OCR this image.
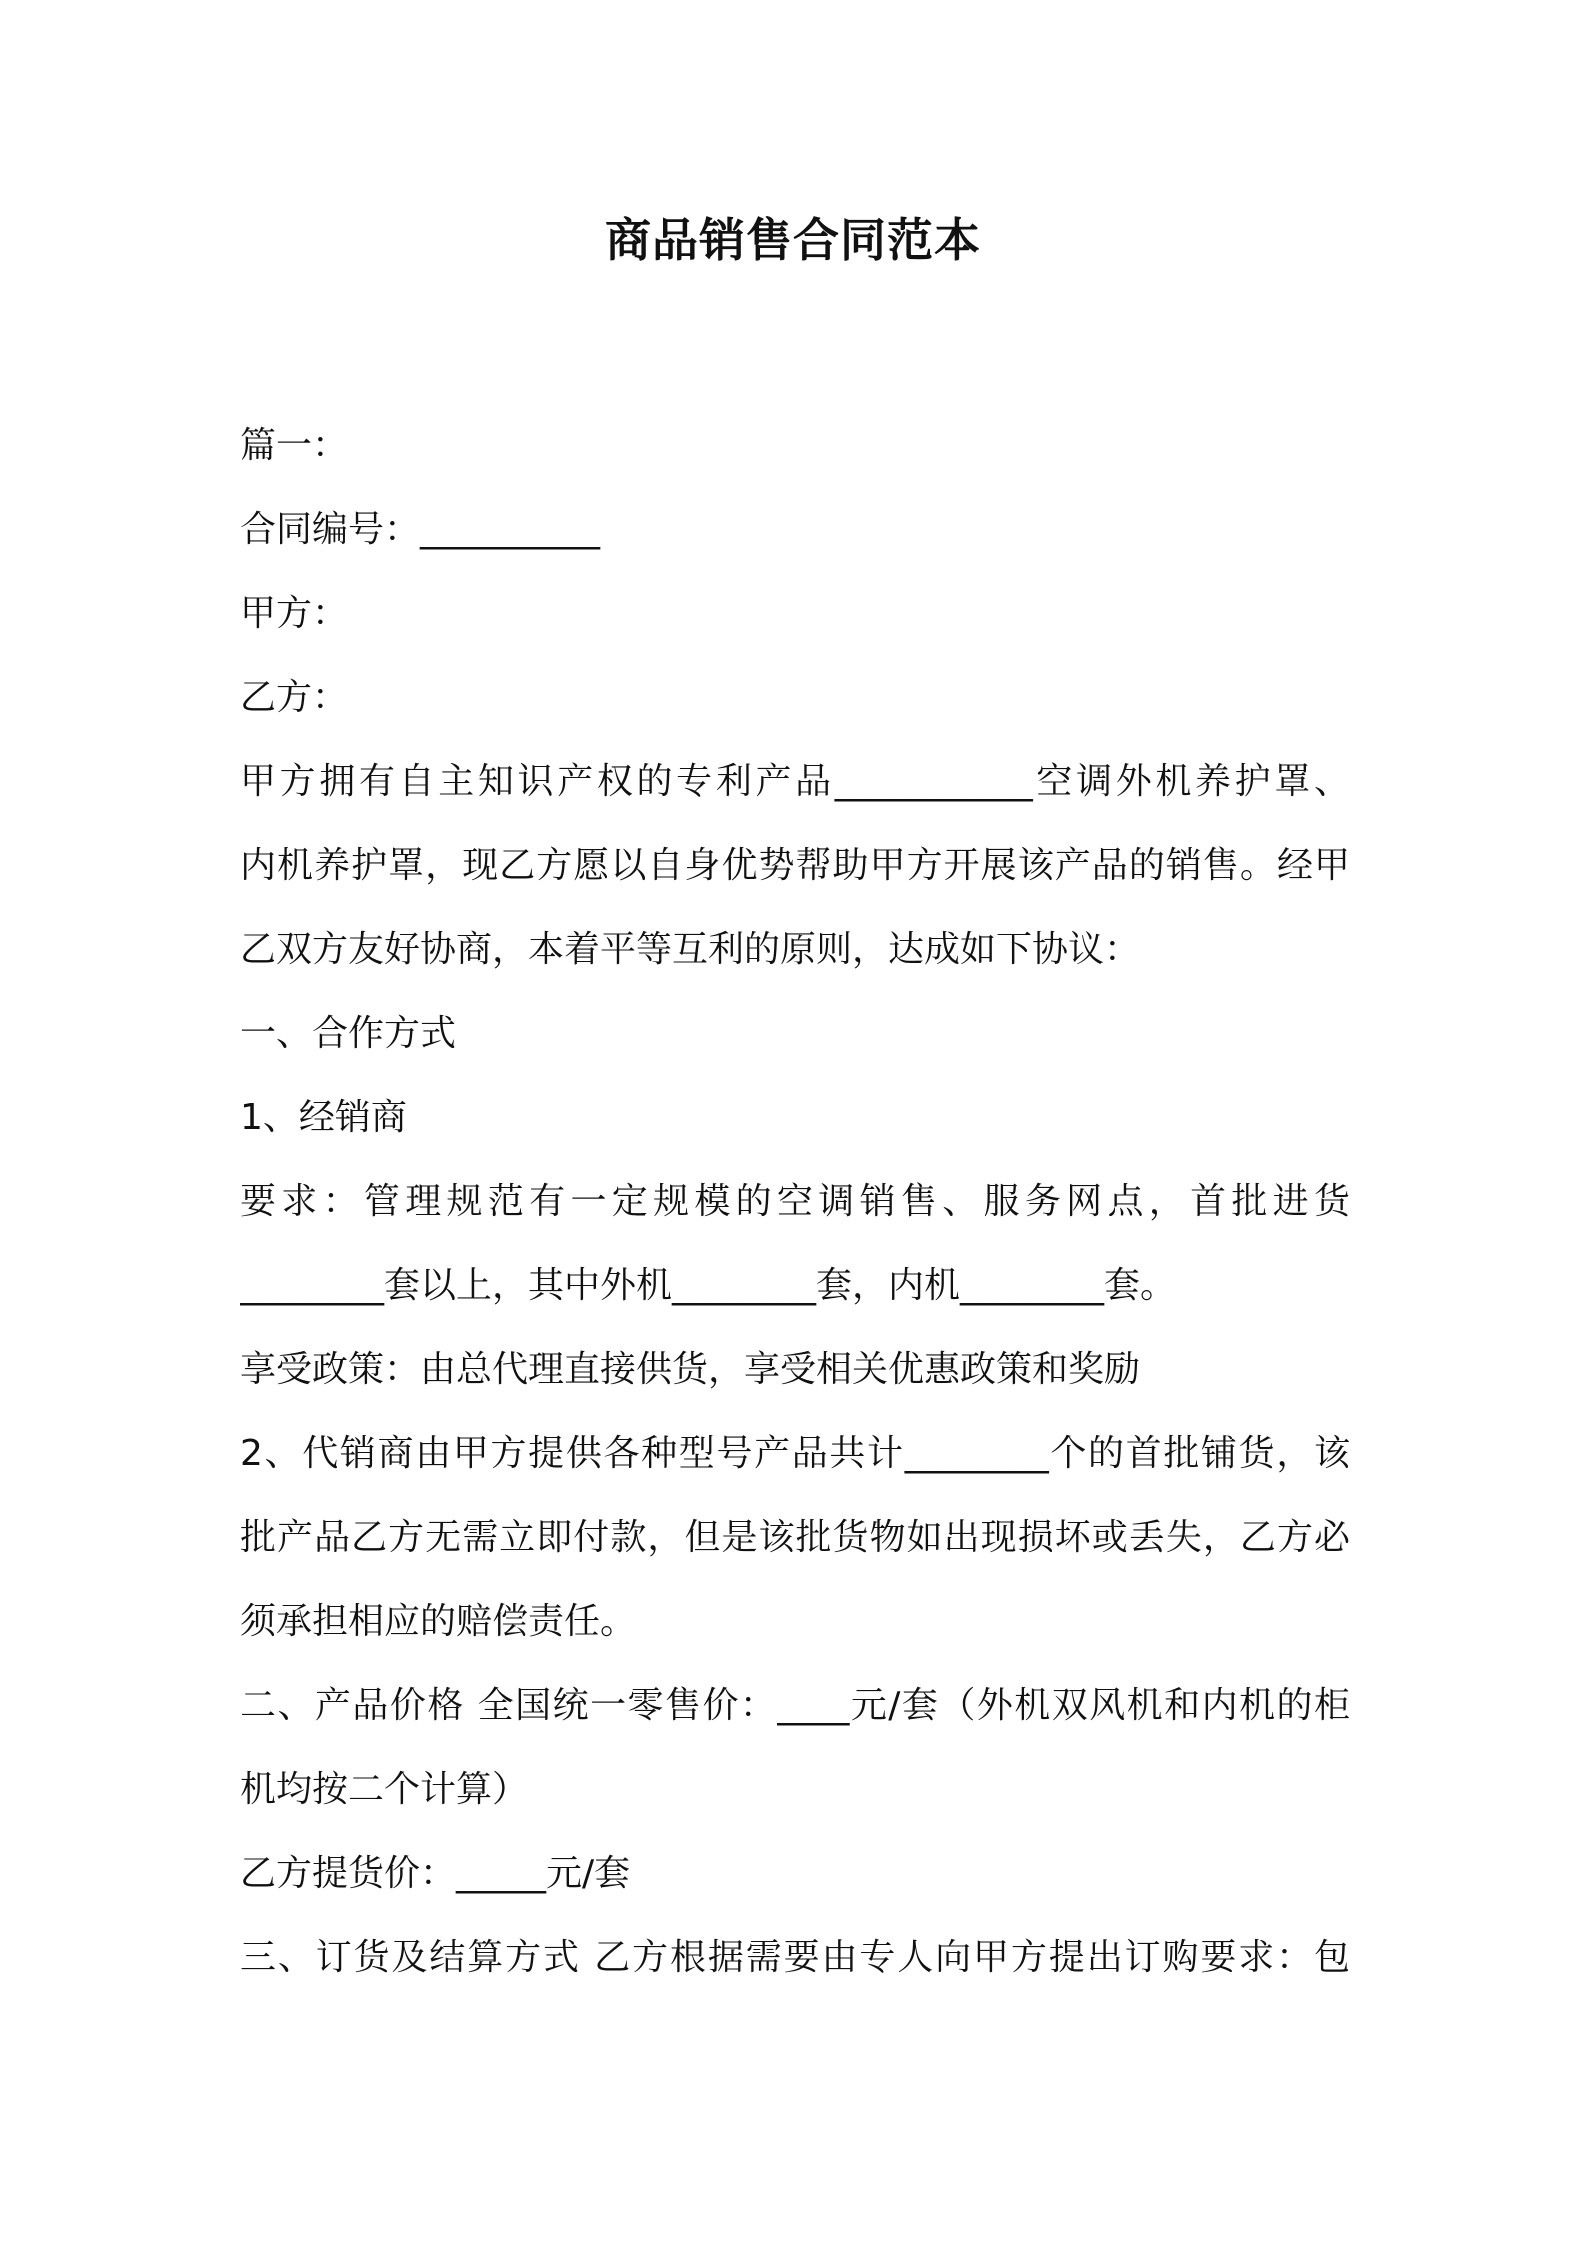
商品销售合同范本
篇一：
合同编号：__________
甲方：
乙方：
甲方拥有自主知识产权的专利产品___________空调外机养护罩、
内机养护罩，现乙方愿以自身优势帮助甲方开展该产品的销售。经甲
乙双方友好协商，本着平等互利的原则，达成如下协议：
一、合作方式
1、经销商
要求：管理规范有一定规模的空调销售、服务网点，首批进货
________套以上，其中外机________套，内机________套。
享受政策：由总代理直接供货，享受相关优惠政策和奖励
2、代销商由甲方提供各种型号产品共计________个的首批铺货，该
批产品乙方无需立即付款，但是该批货物如出现损坏或丢失，乙方必
须承担相应的赔偿责任。
二、产品价格 全国统一零售价：____元/套（外机双风机和内机的柜
机均按二个计算）
乙方提货价：_____元/套
三、订货及结算方式 乙方根据需要由专人向甲方提出订购要求：包
